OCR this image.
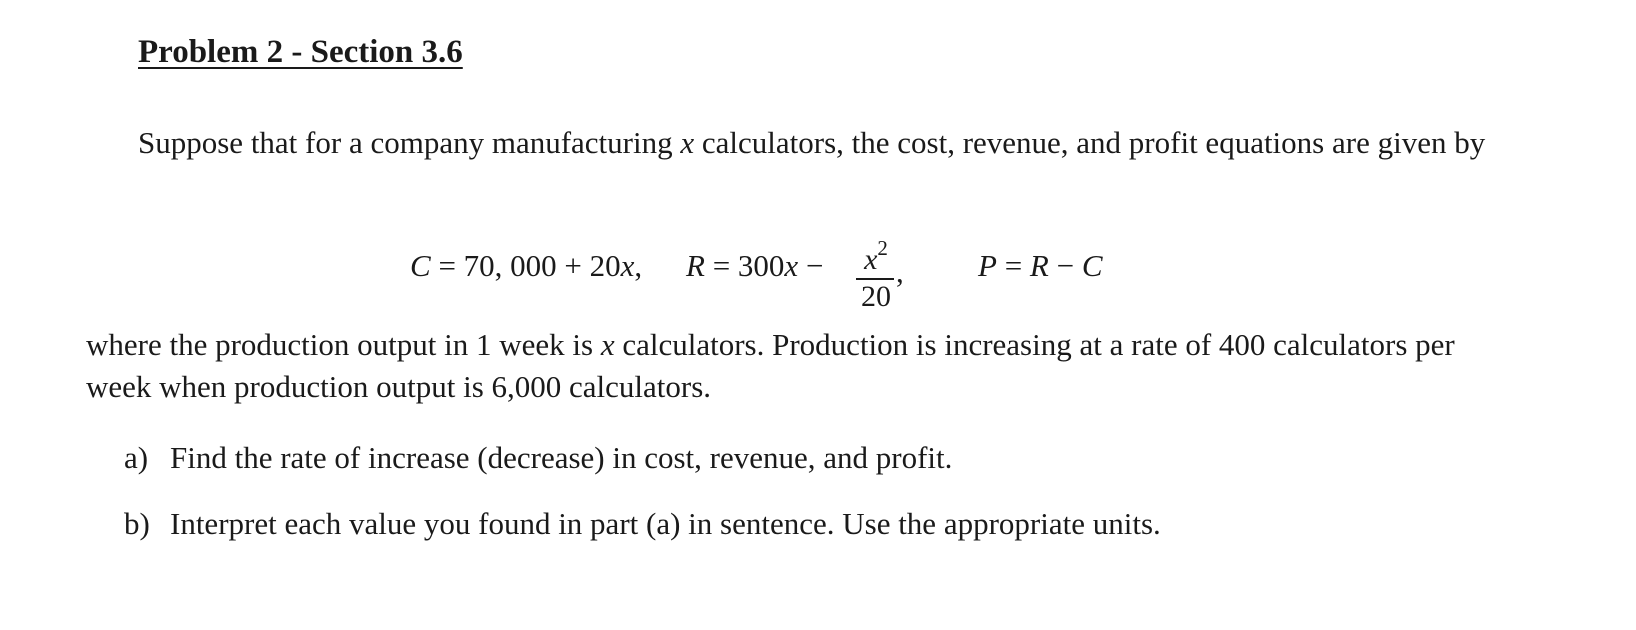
Problem 2 - Section 3.6

Suppose that for a company manufacturing x calculators, the cost, revenue, and profit equations are given by

C = 70, 000 + 20x, $R = 300x - x^2$
20
, P = R − C

where the production output in 1 week is x calculators. Production is increasing at a rate of 400 calculators per week when production output is 6,000 calculators.

a) Find the rate of increase (decrease) in cost, revenue, and profit.
b) Interpret each value you found in part (a) in sentence. Use the appropriate units.
